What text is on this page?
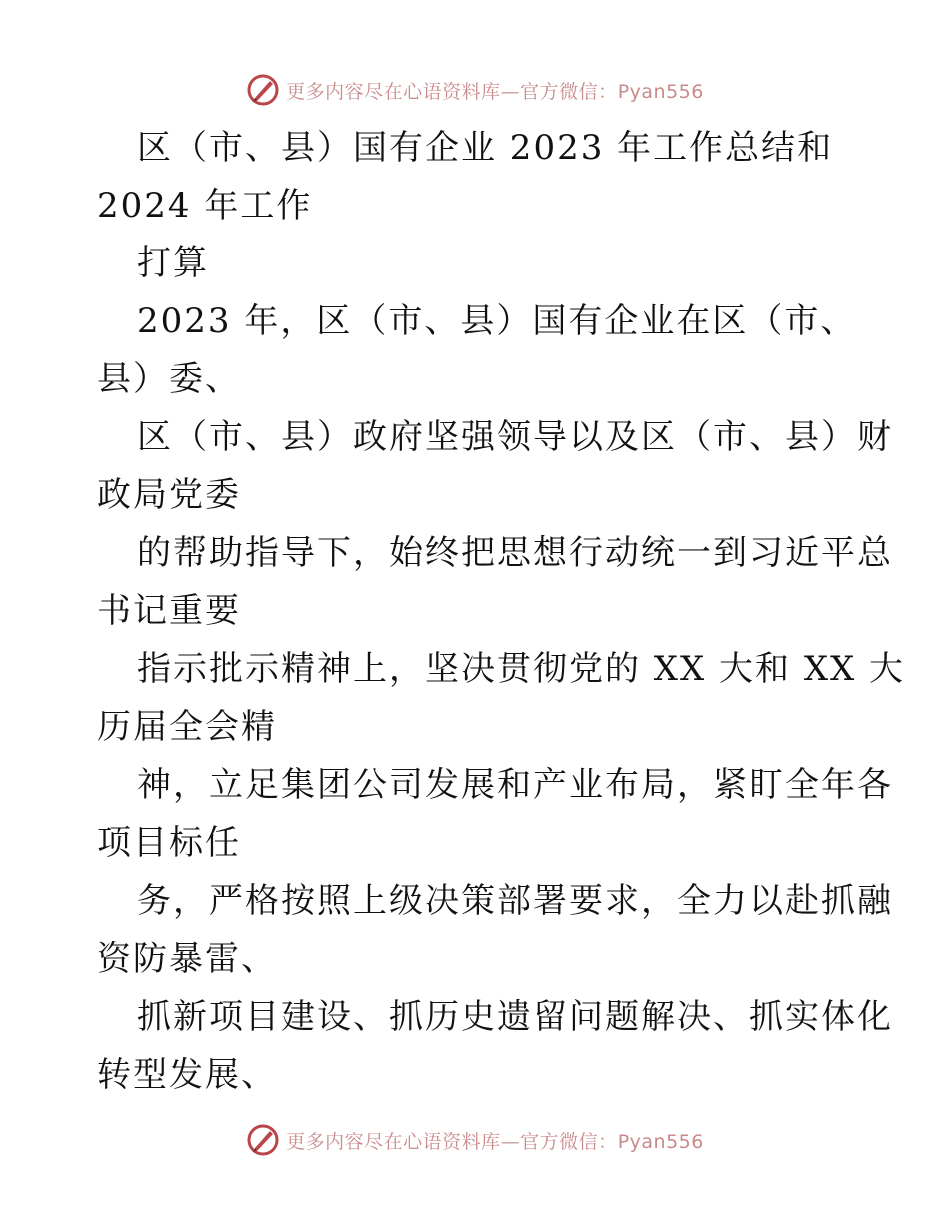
更多内容尽在心语资料库—官方微信：Pyan556
区（市、县）国有企业 2023 年工作总结和
2024 年工作
打算
2023 年，区（市、县）国有企业在区（市、
县）委、
区（市、县）政府坚强领导以及区（市、县）财
政局党委
的帮助指导下，始终把思想行动统一到习近平总
书记重要
指示批示精神上，坚决贯彻党的 XX 大和 XX 大
历届全会精
神，立足集团公司发展和产业布局，紧盯全年各
项目标任
务，严格按照上级决策部署要求，全力以赴抓融
资防暴雷、
抓新项目建设、抓历史遗留问题解决、抓实体化
转型发展、
更多内容尽在心语资料库—官方微信：Pyan556
